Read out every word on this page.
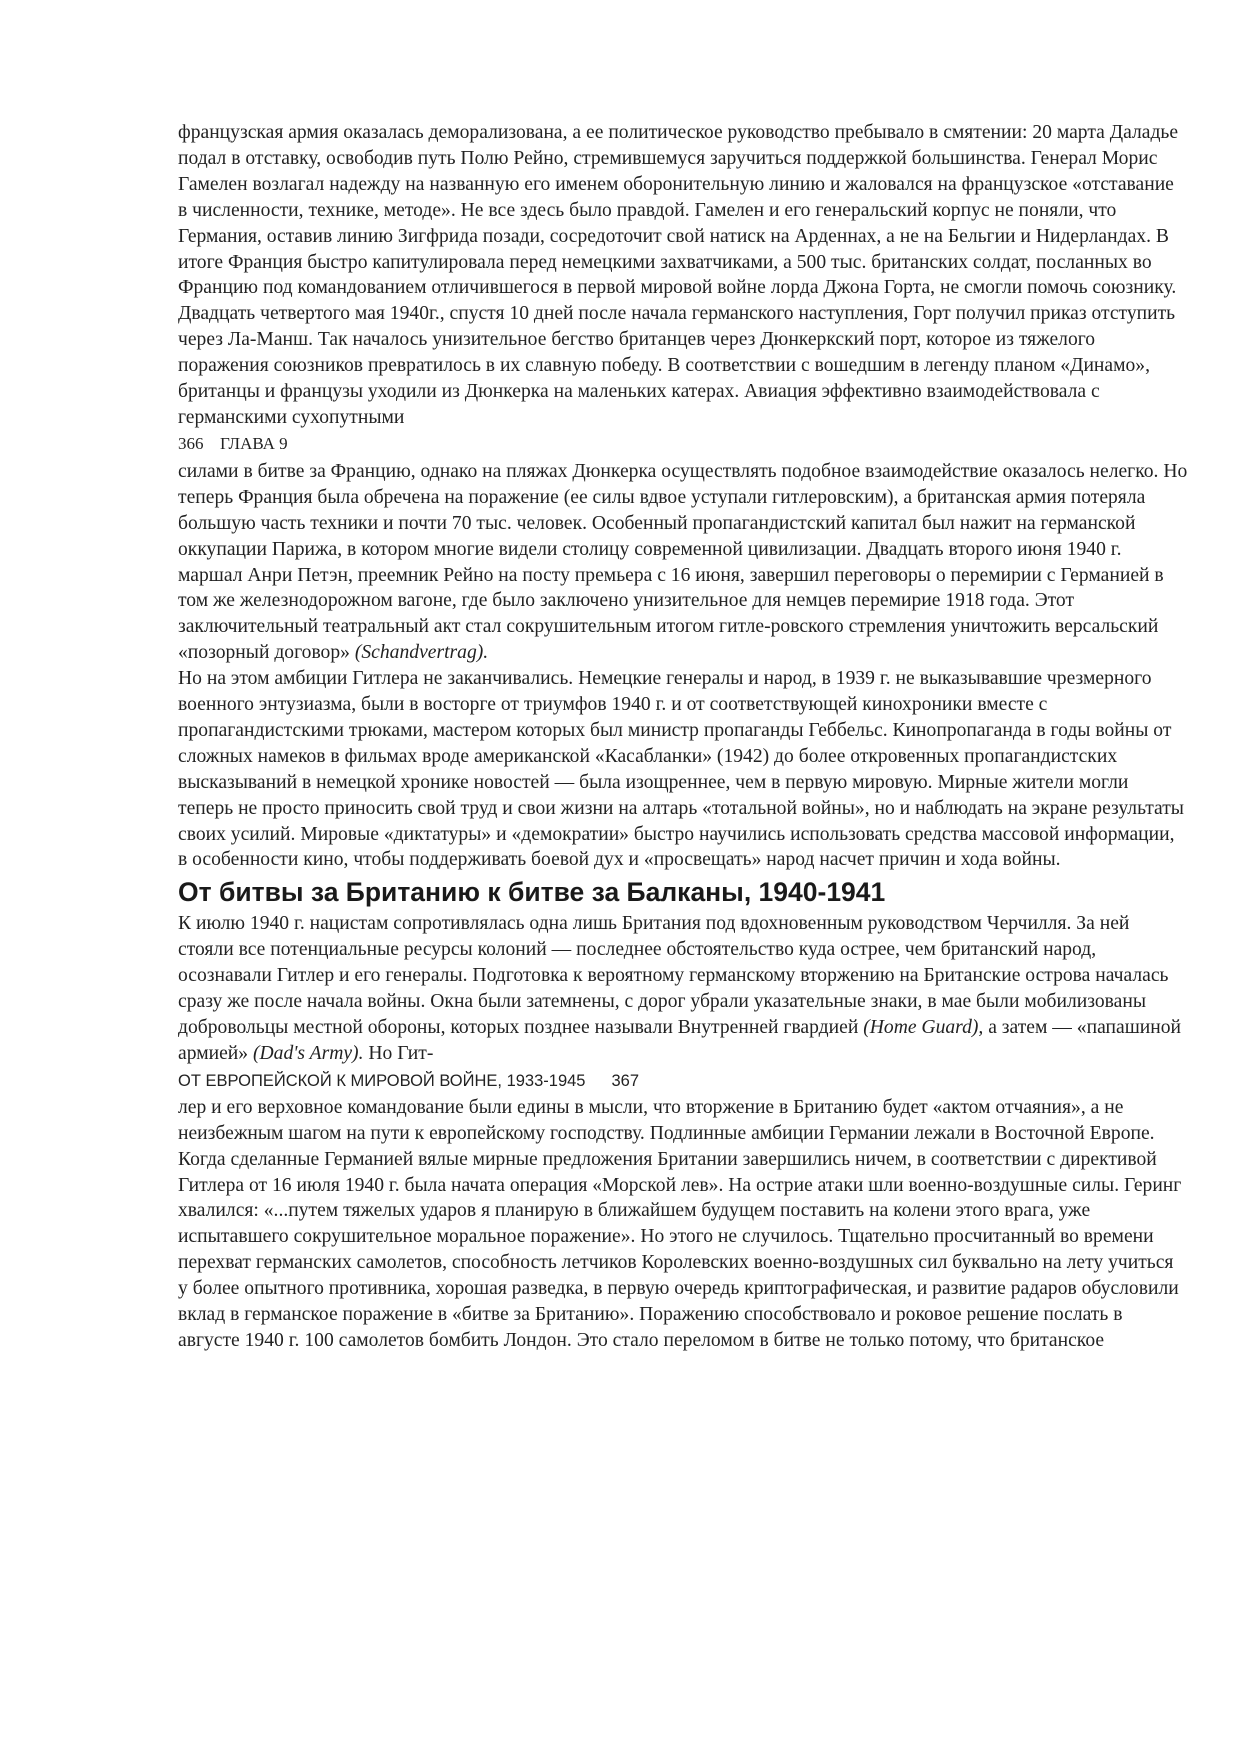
французская армия оказалась деморализована, а ее политическое руководство пребывало в смятении: 20 марта Даладье подал в отставку, освободив путь Полю Рейно, стремившемуся заручиться поддержкой большинства. Генерал Морис Гамелен возлагал надежду на названную его именем оборонительную линию и жаловался на французское «отставание в численности, технике, методе». Не все здесь было правдой. Гамелен и его генеральский корпус не поняли, что Германия, оставив линию Зигфрида позади, сосредоточит свой натиск на Арденнах, а не на Бельгии и Нидерландах. В итоге Франция быстро капитулировала перед немецкими захватчиками, а 500 тыс. британских солдат, посланных во Францию под командованием отличившегося в первой мировой войне лорда Джона Горта, не смогли помочь союзнику.

Двадцать четвертого мая 1940г., спустя 10 дней после начала германского наступления, Горт получил приказ отступить через Ла-Манш. Так началось унизительное бегство британцев через Дюнкеркский порт, которое из тяжелого поражения союзников превратилось в их славную победу. В соответствии с вошедшим в легенду планом «Динамо», британцы и французы уходили из Дюнкерка на маленьких катерах. Авиация эффективно взаимодействовала с германскими сухопутными

366 ГЛАВА 9

силами в битве за Францию, однако на пляжах Дюнкерка осуществлять подобное взаимодействие оказалось нелегко. Но теперь Франция была обречена на поражение (ее силы вдвое уступали гитлеровским), а британская армия потеряла большую часть техники и почти 70 тыс. человек. Особенный пропагандистский капитал был нажит на германской оккупации Парижа, в котором многие видели столицу современной цивилизации. Двадцать второго июня 1940 г. маршал Анри Петэн, преемник Рейно на посту премьера с 16 июня, завершил переговоры о перемирии с Германией в том же железнодорожном вагоне, где было заключено унизительное для немцев перемирие 1918 года. Этот заключительный театральный акт стал сокрушительным итогом гитле-ровского стремления уничтожить версальский «позорный договор» (Schandvertrag).

Но на этом амбиции Гитлера не заканчивались. Немецкие генералы и народ, в 1939 г. не выказывавшие чрезмерного военного энтузиазма, были в восторге от триумфов 1940 г. и от соответствующей кинохроники вместе с пропагандистскими трюками, мастером которых был министр пропаганды Геббельс. Кинопропаганда в годы войны от сложных намеков в фильмах вроде американской «Касабланки» (1942) до более откровенных пропагандистских высказываний в немецкой хронике новостей — была изощреннее, чем в первую мировую. Мирные жители могли теперь не просто приносить свой труд и свои жизни на алтарь «тотальной войны», но и наблюдать на экране результаты своих усилий. Мировые «диктатуры» и «демократии» быстро научились использовать средства массовой информации, в особенности кино, чтобы поддерживать боевой дух и «просвещать» народ насчет причин и хода войны.

От битвы за Британию к битве за Балканы, 1940-1941

К июлю 1940 г. нацистам сопротивлялась одна лишь Британия под вдохновенным руководством Черчилля. За ней стояли все потенциальные ресурсы колоний — последнее обстоятельство куда острее, чем британский народ, осознавали Гитлер и его генералы. Подготовка к вероятному германскому вторжению на Британские острова началась сразу же после начала войны. Окна были затемнены, с дорог убрали указательные знаки, в мае были мобилизованы добровольцы местной обороны, которых позднее называли Внутренней гвардией (Home Guard), а затем — «папашиной армией» (Dad's Army). Но Гит-

ОТ ЕВРОПЕЙСКОЙ К МИРОВОЙ ВОЙНЕ, 1933-1945 367

лер и его верховное командование были едины в мысли, что вторжение в Британию будет «актом отчаяния», а не неизбежным шагом на пути к европейскому господству. Подлинные амбиции Германии лежали в Восточной Европе.

Когда сделанные Германией вялые мирные предложения Британии завершились ничем, в соответствии с директивой Гитлера от 16 июля 1940 г. была начата операция «Морской лев». На острие атаки шли военно-воздушные силы. Геринг хвалился: «...путем тяжелых ударов я планирую в ближайшем будущем поставить на колени этого врага, уже испытавшего сокрушительное моральное поражение». Но этого не случилось. Тщательно просчитанный во времени перехват германских самолетов, способность летчиков Королевских военно-воздушных сил буквально на лету учиться у более опытного противника, хорошая разведка, в первую очередь криптографическая, и развитие радаров обусловили вклад в германское поражение в «битве за Британию». Поражению способствовало и роковое решение послать в августе 1940 г. 100 самолетов бомбить Лондон. Это стало переломом в битве не только потому, что британское
